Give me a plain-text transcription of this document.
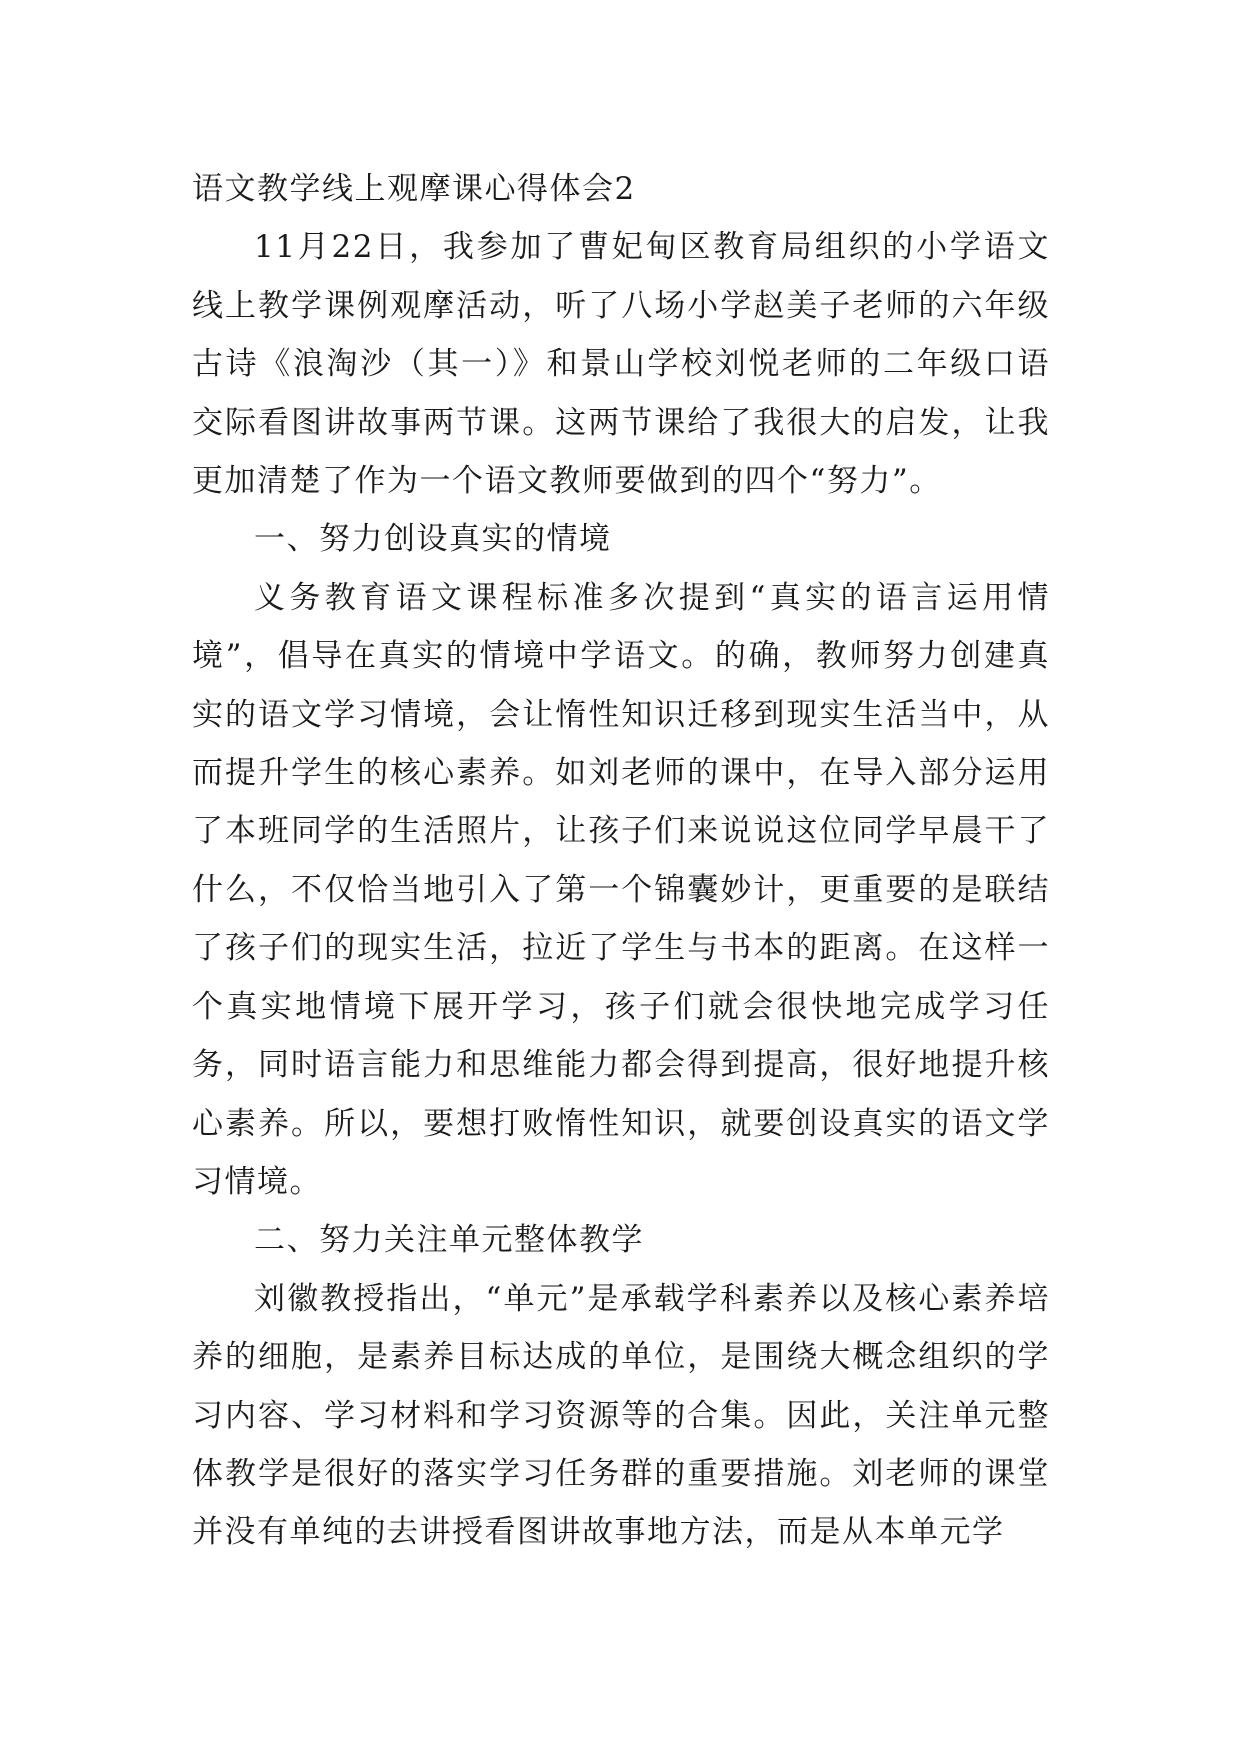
语文教学线上观摩课心得体会2

11月22日，我参加了曹妃甸区教育局组织的小学语文线上教学课例观摩活动，听了八场小学赵美子老师的六年级古诗《浪淘沙（其一）》和景山学校刘悦老师的二年级口语交际看图讲故事两节课。这两节课给了我很大的启发，让我更加清楚了作为一个语文教师要做到的四个“努力”。

一、努力创设真实的情境

义务教育语文课程标准多次提到“真实的语言运用情境”，倡导在真实的情境中学语文。的确，教师努力创建真实的语文学习情境，会让惰性知识迁移到现实生活当中，从而提升学生的核心素养。如刘老师的课中，在导入部分运用了本班同学的生活照片，让孩子们来说说这位同学早晨干了什么，不仅恰当地引入了第一个锦囊妙计，更重要的是联结了孩子们的现实生活，拉近了学生与书本的距离。在这样一个真实地情境下展开学习，孩子们就会很快地完成学习任务，同时语言能力和思维能力都会得到提高，很好地提升核心素养。所以，要想打败惰性知识，就要创设真实的语文学习情境。

二、努力关注单元整体教学

刘徽教授指出，“单元”是承载学科素养以及核心素养培养的细胞，是素养目标达成的单位，是围绕大概念组织的学习内容、学习材料和学习资源等的合集。因此，关注单元整体教学是很好的落实学习任务群的重要措施。刘老师的课堂并没有单纯的去讲授看图讲故事地方法，而是从本单元学
